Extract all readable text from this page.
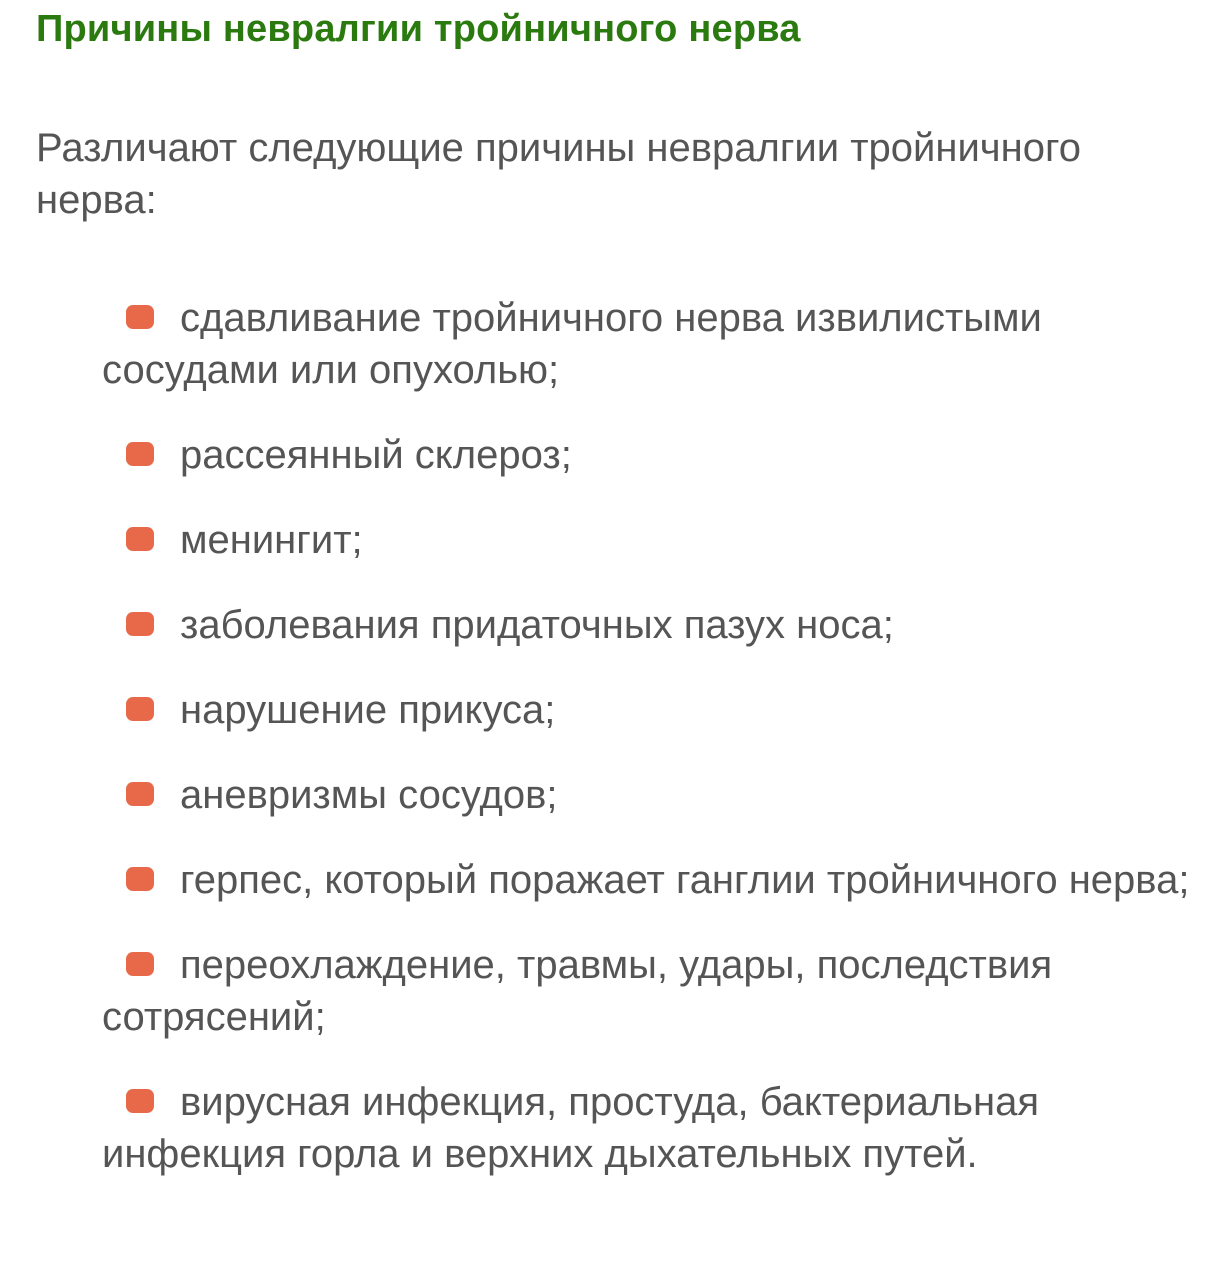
Причины невралгии тройничного нерва

Различают следующие причины невралгии тройничного нерва:

сдавливание тройничного нерва извилистыми сосудами или опухолью;
рассеянный склероз;
менингит;
заболевания придаточных пазух носа;
нарушение прикуса;
аневризмы сосудов;
герпес, который поражает ганглии тройничного нерва;
переохлаждение, травмы, удары, последствия сотрясений;
вирусная инфекция, простуда, бактериальная инфекция горла и верхних дыхательных путей.
